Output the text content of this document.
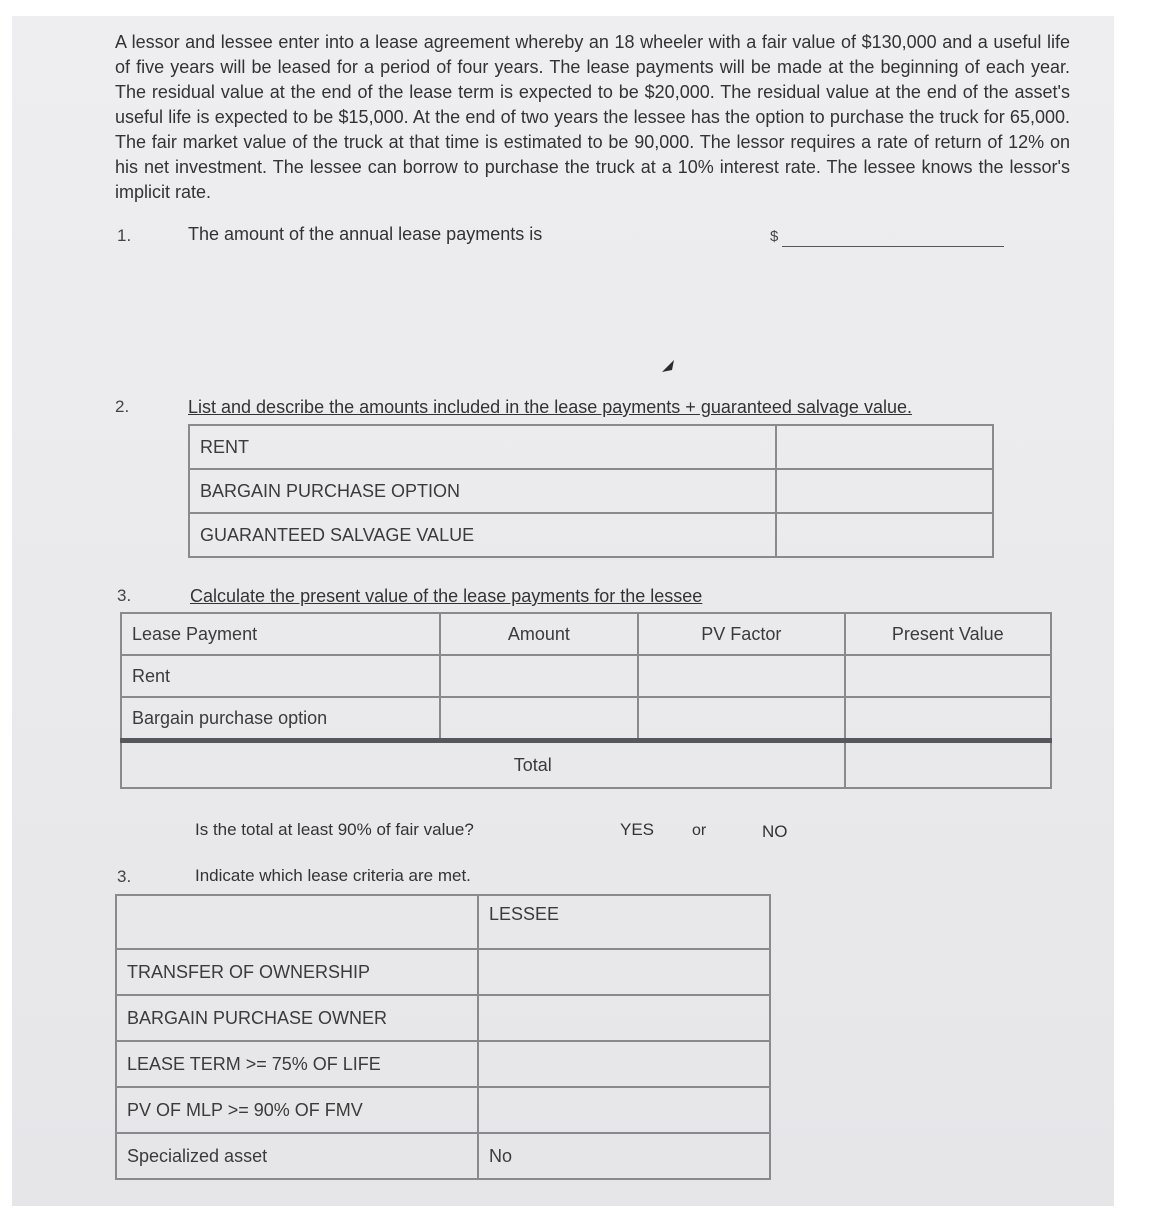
A lessor and lessee enter into a lease agreement whereby an 18 wheeler with a fair value of $130,000 and a useful life of five years will be leased for a period of four years. The lease payments will be made at the beginning of each year. The residual value at the end of the lease term is expected to be $20,000. The residual value at the end of the asset's useful life is expected to be $15,000. At the end of two years the lessee has the option to purchase the truck for 65,000. The fair market value of the truck at that time is estimated to be 90,000. The lessor requires a rate of return of 12% on his net investment. The lessee can borrow to purchase the truck at a 10% interest rate. The lessee knows the lessor's implicit rate.

1.	The amount of the annual lease payments is	$
2.	List and describe the amounts included in the lease payments + guaranteed salvage value.
RENT	
BARGAIN PURCHASE OPTION	
GUARANTEED SALVAGE VALUE	
3.	Calculate the present value of the lease payments for the lessee
Lease Payment	Amount	PV Factor	Present Value
Rent			
Bargain purchase option			
Total			
Is the total at least 90% of fair value?	YES or	NO
3.	Indicate which lease criteria are met.
	LESSEE
TRANSFER OF OWNERSHIP	
BARGAIN PURCHASE OWNER	
LEASE TERM >= 75% OF LIFE	
PV OF MLP >= 90% OF FMV	
Specialized asset	No
